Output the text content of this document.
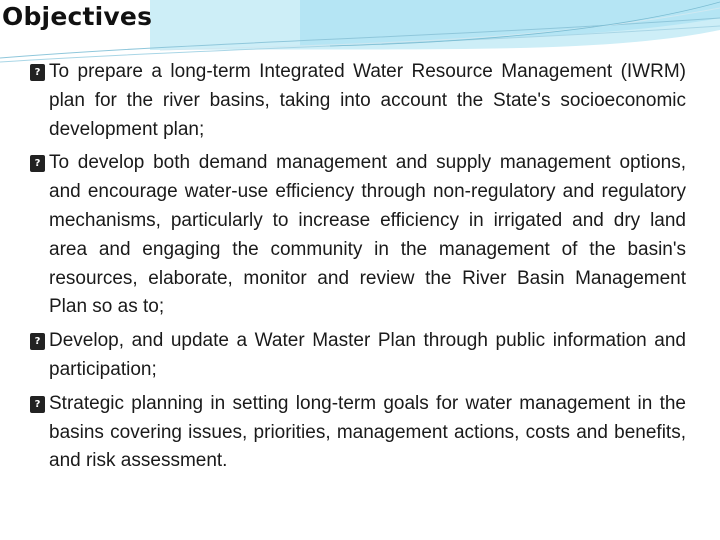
Objectives
? To prepare a long-term Integrated Water Resource Management (IWRM) plan for the river basins, taking into account the State's socioeconomic development plan;
? To develop both demand management and supply management options, and encourage water-use efficiency through non-regulatory and regulatory mechanisms, particularly to increase efficiency in irrigated and dry land area and engaging the community in the management of the basin's resources, elaborate, monitor and review the River Basin Management Plan so as to;
? Develop, and update a Water Master Plan through public information and participation;
? Strategic planning in setting long-term goals for water management in the basins covering issues, priorities, management actions, costs and benefits, and risk assessment.
